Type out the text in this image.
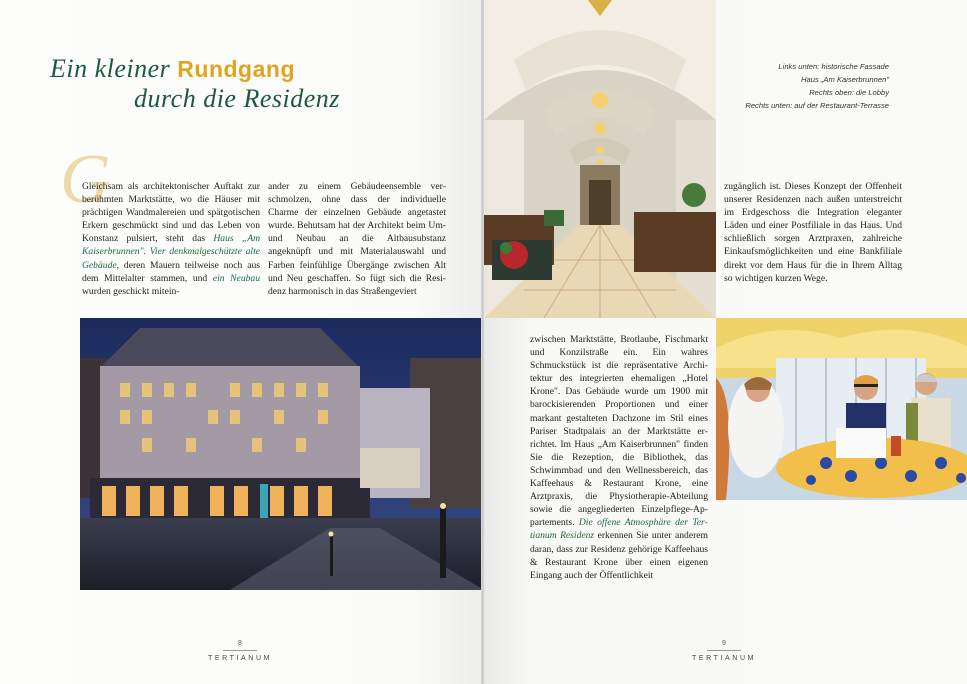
Ein kleiner Rundgang
durch die Residenz
G
Gleichsam als architektonischer Auftakt zur berühmten Marktstätte, wo die Häuser mit prächtigen Wandmalereien und spätgotischen Erkern geschmückt sind und das Leben von Konstanz pulsiert, steht das Haus „Am Kaiserbrunnen". Vier denkmalgeschützte alte Gebäude, deren Mauern teilweise noch aus dem Mittelalter stammen, und ein Neubau wurden geschickt mitein-
ander zu einem Gebäudeensemble verschmolzen, ohne dass der individuelle Charme der einzelnen Gebäude angetastet wurde. Behutsam hat der Architekt beim Um- und Neubau an die Altbausubstanz angeknüpft und mit Materialauswahl und Farben feinfühlige Übergänge zwischen Alt und Neu geschaffen. So fügt sich die Residenz harmonisch in das Straßengeviert
8
TERTIANUM
Links unten: historische Fassade
Haus „Am Kaiserbrunnen"
Rechts oben: die Lobby
Rechts unten: auf der Restaurant-Terrasse
zugänglich ist. Dieses Konzept der Offenheit unserer Residenzen nach außen unterstreicht im Erdgeschoss die Integration eleganter Läden und einer Postfiliale in das Haus. Und schließlich sorgen Arztpraxen, zahlreiche Einkaufsmöglichkeiten und eine Bankfiliale direkt vor dem Haus für die in Ihrem Alltag so wichtigen kurzen Wege.
zwischen Marktstätte, Brotlaube, Fischmarkt und Konzilstraße ein. Ein wahres Schmuckstück ist die repräsentative Architektur des integrierten ehemaligen „Hotel Krone". Das Gebäude wurde um 1900 mit barockisierenden Proportionen und einer markant gestalteten Dachzone im Stil eines Pariser Stadtpalais an der Marktstätte errichtet. Im Haus „Am Kaiserbrunnen" finden Sie die Rezeption, die Bibliothek, das Schwimmbad und den Wellnessbereich, das Kaffeehaus & Restaurant Krone, eine Arztpraxis, die Physiotherapie-Abteilung sowie die angegliederten Einzelpflege-Appartements. Die offene Atmosphäre der Tertianum Residenz erkennen Sie unter anderem daran, dass zur Residenz gehörige Kaffeehaus & Restaurant Krone über einen eigenen Eingang auch der Öffentlichkeit
9
TERTIANUM
